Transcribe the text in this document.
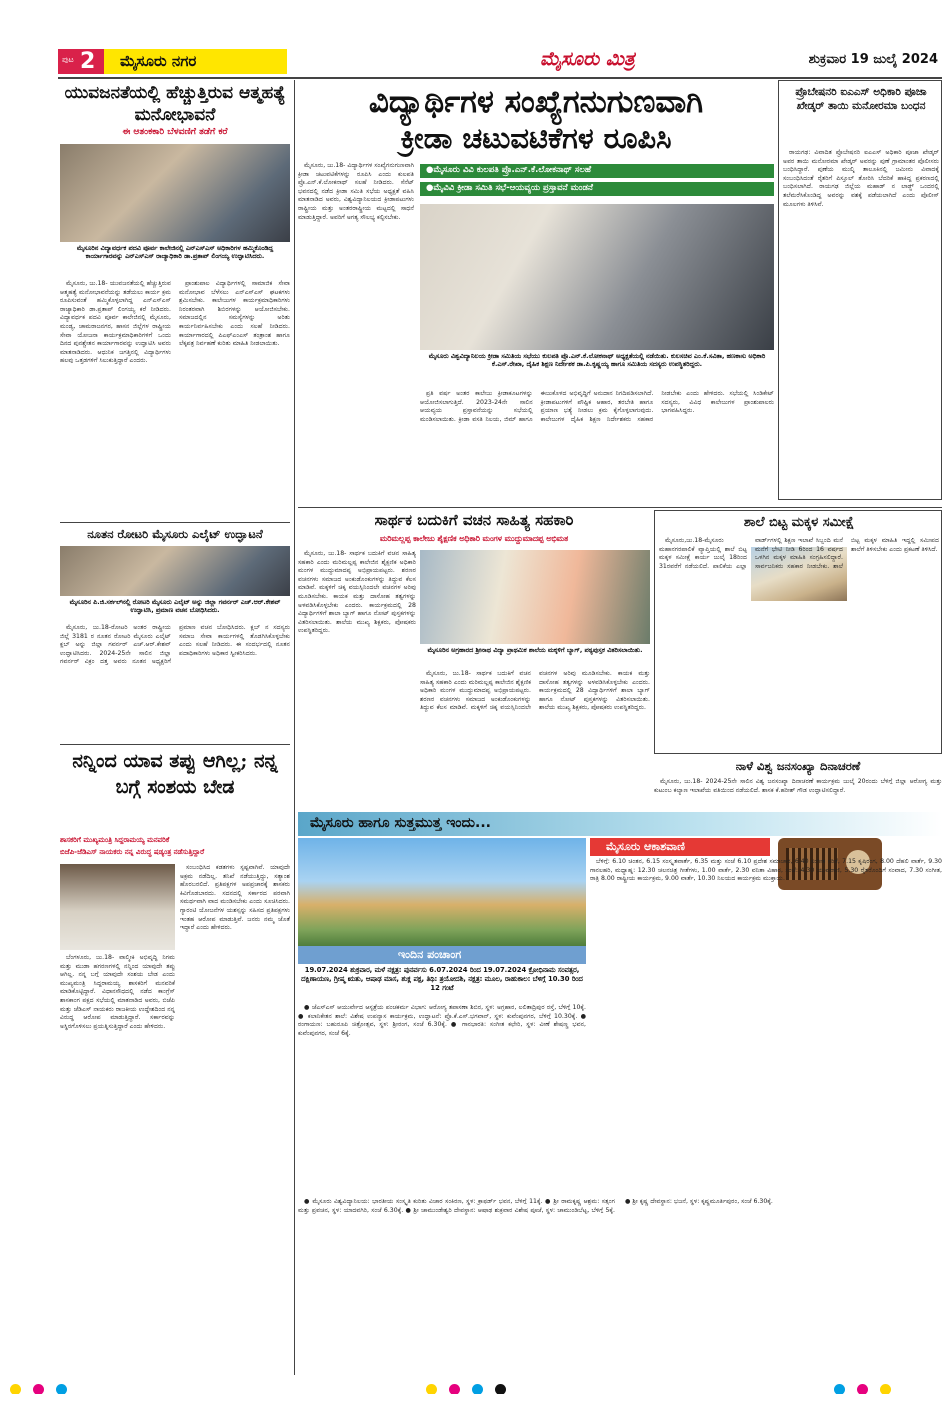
ಪುಟ 2 ಮೈಸೂರು ನಗರ	ಮೈಸೂರು ಮಿತ್ರ	ಶುಕ್ರವಾರ 19 ಜುಲೈ 2024
ಯುವಜನತೆಯಲ್ಲಿ ಹೆಚ್ಚುತ್ತಿರುವ ಆತ್ಮಹತ್ಯೆ ಮನೋಭಾವನೆ
ಈ ಆತಂಕಕಾರಿ ಬೆಳವಣಿಗೆ ತಡೆಗೆ ಕರೆ
ಮೈಸೂರಿನ ವಿದ್ಯಾವರ್ಧಕ ಪದವಿ ಪೂರ್ವ ಕಾಲೇಜಿನಲ್ಲಿ ಎನ್‍ಎಸ್‍ಎಸ್ ಅಧಿಕಾರಿಗಳ ಹಮ್ಮಿಕೊಂಡಿದ್ದ ಕಾರ್ಯಾಗಾರವನ್ನು ಎನ್‍ಎಸ್‍ಎಸ್ ರಾಜ್ಯಾಧಿಕಾರಿ ಡಾ.ಪ್ರತಾಪ್ ಲಿಂಗಯ್ಯ ಉದ್ಘಾಟಿಸಿದರು.

ಮೈಸೂರು, ಜು.18- ಯುವಜನತೆಯಲ್ಲಿ ಹೆಚ್ಚುತ್ತಿರುವ ಆತ್ಮಹತ್ಯೆ ಮನೋಭಾವನೆಯನ್ನು ತಡೆಯಲು ಕಾರ್ಯ ಕ್ರಮ ರೂಪಿಸುವಂತೆ ಹಮ್ಮಿಕೊಳ್ಳಲಾಗಿದ್ದ ಎನ್‍ಎಸ್‍ಎಸ್ ರಾಜ್ಯಾಧಿಕಾರಿ ಡಾ.ಪ್ರತಾಪ್ ಲಿಂಗಯ್ಯ ಕರೆ ನೀಡಿದರು. ವಿದ್ಯಾವರ್ಧಕ ಪದವಿ ಪೂರ್ವ ಕಾಲೇಜಿನಲ್ಲಿ ಮೈಸೂರು, ಮಂಡ್ಯ, ಚಾಮರಾಜನಗರ, ಹಾಸನ ಜಿಲ್ಲೆಗಳ ರಾಷ್ಟ್ರೀಯ ಸೇವಾ ಯೋಜನಾ ಕಾರ್ಯಕ್ರಮಾಧಿಕಾರಿಗಳಿಗೆ ಒಂದು ದಿನದ ಪುನಶ್ಚೇತನ ಕಾರ್ಯಾಗಾರವನ್ನು ಉದ್ಘಾಟಿಸಿ ಅವರು ಮಾತನಾಡಿದರು. ಆಧುನಿಕ ಜಗತ್ತಿನಲ್ಲಿ ವಿದ್ಯಾರ್ಥಿಗಳು ಹಲವು ಒತ್ತಡಗಳಿಗೆ ಸಿಲುಕುತ್ತಿದ್ದಾರೆ ಎಂದರು.

ಪ್ರಾಂಶುಪಾಲ ವಿದ್ಯಾರ್ಥಿಗಳಲ್ಲಿ ಸಾಮಾಜಿಕ ಸೇವಾ ಮನೋಭಾವ ಬೆಳೆಸಲು ಎನ್‍ಎಸ್‍ಎಸ್ ಘಟಕಗಳು ಶ್ರಮಿಸಬೇಕು. ಕಾಲೇಜುಗಳ ಕಾರ್ಯಕ್ರಮಾಧಿಕಾರಿಗಳು ನಿರಂತರವಾಗಿ ಶಿಬಿರಗಳನ್ನು ಆಯೋಜಿಸಬೇಕು. ಸಮಾಜದಲ್ಲಿನ ಸಮಸ್ಯೆಗಳನ್ನು ಅರಿತು ಕಾರ್ಯನಿರ್ವಹಿಸಬೇಕು ಎಂದು ಸಲಹೆ ನೀಡಿದರು. ಕಾರ್ಯಾಗಾರದಲ್ಲಿ ಪಿಎಫ್‍ಎಂಎಸ್ ತಂತ್ರಾಂಶ ಹಾಗೂ ಲೆಕ್ಕಪತ್ರ ನಿರ್ವಹಣೆ ಕುರಿತು ಮಾಹಿತಿ ನೀಡಲಾಯಿತು.

ನೂತನ ರೋಟರಿ ಮೈಸೂರು ಎಲೈಟ್ ಉದ್ಘಾಟನೆ
ಮೈಸೂರಿನ ಪಿ.ಜಿ.ಸರ್ಕಲ್‍ನಲ್ಲಿ ರೋಟರಿ ಮೈಸೂರು ಎಲೈಟ್ ಅನ್ನು ಜಿಲ್ಲಾ ಗವರ್ನರ್ ಎಚ್.ಆರ್.ಕೇಶವ್ ಉದ್ಘಾಟಿಸಿ, ಪ್ರಮಾಣ ವಚನ ಬೋಧಿಸಿದರು.

ಮೈಸೂರು, ಜು.18-ರೋಟರಿ ಅಂತರ ರಾಷ್ಟ್ರೀಯ ಜಿಲ್ಲೆ 3181 ರ ನೂತನ ರೋಟರಿ ಮೈಸೂರು ಎಲೈಟ್ ಕ್ಲಬ್ ಅನ್ನು ಜಿಲ್ಲಾ ಗವರ್ನರ್ ಎಚ್.ಆರ್.ಕೇಶವ್ ಉದ್ಘಾಟಿಸಿದರು. 2024-25ನೇ ಸಾಲಿನ ಜಿಲ್ಲಾ ಗವರ್ನರ್ ವಿಕ್ರಂ ದತ್ತ ಅವರು ನೂತನ ಅಧ್ಯಕ್ಷರಿಗೆ ಪ್ರಮಾಣ ವಚನ ಬೋಧಿಸಿದರು. ಕ್ಲಬ್ ನ ಸದಸ್ಯರು ಸಮಾಜ ಸೇವಾ ಕಾರ್ಯಗಳಲ್ಲಿ ತೊಡಗಿಸಿಕೊಳ್ಳಬೇಕು ಎಂದು ಸಲಹೆ ನೀಡಿದರು. ಈ ಸಂದರ್ಭದಲ್ಲಿ ನೂತನ ಪದಾಧಿಕಾರಿಗಳು ಅಧಿಕಾರ ಸ್ವೀಕರಿಸಿದರು.

ನನ್ನಿಂದ ಯಾವ ತಪ್ಪು ಆಗಿಲ್ಲ; ನನ್ನ ಬಗ್ಗೆ ಸಂಶಯ ಬೇಡ
ಶಾಸಕರಿಗೆ ಮುಖ್ಯಮಂತ್ರಿ ಸಿದ್ದರಾಮಯ್ಯ ಮನವರಿಕೆ
ಬಿಜೆಪಿ-ಜೆಡಿಎಸ್ ನಾಯಕರು ನನ್ನ ವಿರುದ್ಧ ಷಡ್ಯಂತ್ರ ನಡೆಸುತ್ತಿದ್ದಾರೆ

ಸಂಬಂಧಿಸಿದ ಕಡತಗಳು ಸ್ಪಷ್ಟವಾಗಿವೆ. ಯಾವುದೇ ಅಕ್ರಮ ನಡೆದಿಲ್ಲ. ತನಿಖೆ ನಡೆಯುತ್ತಿದ್ದು, ಸತ್ಯಾಂಶ ಹೊರಬರಲಿದೆ. ಪ್ರತಿಪಕ್ಷಗಳ ಅಪಪ್ರಚಾರಕ್ಕೆ ಶಾಸಕರು ಕಿವಿಗೊಡಬಾರದು. ಸದನದಲ್ಲಿ ಸರ್ಕಾರದ ಪರವಾಗಿ ಸಮರ್ಥವಾಗಿ ವಾದ ಮಂಡಿಸಬೇಕು ಎಂದು ಸೂಚಿಸಿದರು. ಗ್ಯಾರಂಟಿ ಯೋಜನೆಗಳ ಯಶಸ್ಸನ್ನು ಸಹಿಸದ ಪ್ರತಿಪಕ್ಷಗಳು ಇಂತಹ ಆರೋಪ ಮಾಡುತ್ತಿವೆ. ಜನರು ನಮ್ಮ ಜೊತೆ ಇದ್ದಾರೆ ಎಂದು ಹೇಳಿದರು.

ಬೆಂಗಳೂರು, ಜು.18- ವಾಲ್ಮೀಕಿ ಅಭಿವೃದ್ಧಿ ನಿಗಮ ಮತ್ತು ಮುಡಾ ಹಗರಣಗಳಲ್ಲಿ ನನ್ನಿಂದ ಯಾವುದೇ ತಪ್ಪು ಆಗಿಲ್ಲ. ನನ್ನ ಬಗ್ಗೆ ಯಾವುದೇ ಸಂಶಯ ಬೇಡ ಎಂದು ಮುಖ್ಯಮಂತ್ರಿ ಸಿದ್ದರಾಮಯ್ಯ ಶಾಸಕರಿಗೆ ಮನವರಿಕೆ ಮಾಡಿಕೊಟ್ಟಿದ್ದಾರೆ. ವಿಧಾನಸೌಧದಲ್ಲಿ ನಡೆದ ಕಾಂಗ್ರೆಸ್ ಶಾಸಕಾಂಗ ಪಕ್ಷದ ಸಭೆಯಲ್ಲಿ ಮಾತನಾಡಿದ ಅವರು, ಬಿಜೆಪಿ ಮತ್ತು ಜೆಡಿಎಸ್ ನಾಯಕರು ರಾಜಕೀಯ ಉದ್ದೇಶದಿಂದ ನನ್ನ ವಿರುದ್ಧ ಆರೋಪ ಮಾಡುತ್ತಿದ್ದಾರೆ. ಸರ್ಕಾರವನ್ನು ಅಸ್ಥಿರಗೊಳಿಸಲು ಪ್ರಯತ್ನಿಸುತ್ತಿದ್ದಾರೆ ಎಂದು ಹೇಳಿದರು.

ವಿದ್ಯಾರ್ಥಿಗಳ ಸಂಖ್ಯೆಗನುಗುಣವಾಗಿ
ಕ್ರೀಡಾ ಚಟುವಟಿಕೆಗಳ ರೂಪಿಸಿ

ಮೈಸೂರು, ಜು.18- ವಿದ್ಯಾರ್ಥಿಗಳ ಸಂಖ್ಯೆಗನುಗುಣವಾಗಿ ಕ್ರೀಡಾ ಚಟುವಟಿಕೆಗಳನ್ನು ರೂಪಿಸಿ ಎಂದು ಕುಲಪತಿ ಪ್ರೊ.ಎನ್.ಕೆ.ಲೋಕನಾಥ್ ಸಲಹೆ ನೀಡಿದರು. ಸೆನೆಟ್ ಭವನದಲ್ಲಿ ನಡೆದ ಕ್ರೀಡಾ ಸಮಿತಿ ಸಭೆಯ ಅಧ್ಯಕ್ಷತೆ ವಹಿಸಿ ಮಾತನಾಡಿದ ಅವರು, ವಿಶ್ವವಿದ್ಯಾನಿಲಯದ ಕ್ರೀಡಾಪಟುಗಳು ರಾಷ್ಟ್ರೀಯ ಮತ್ತು ಅಂತರರಾಷ್ಟ್ರೀಯ ಮಟ್ಟದಲ್ಲಿ ಸಾಧನೆ ಮಾಡುತ್ತಿದ್ದಾರೆ. ಅವರಿಗೆ ಅಗತ್ಯ ಸೌಲಭ್ಯ ಕಲ್ಪಿಸಬೇಕು.

●ಮೈಸೂರು ವಿವಿ ಕುಲಪತಿ ಪ್ರೊ.ಎನ್.ಕೆ.ಲೋಕನಾಥ್ ಸಲಹೆ
●ಮೈವಿವಿ ಕ್ರೀಡಾ ಸಮಿತಿ ಸಭೆ-ಆಯವ್ಯಯ ಪ್ರಸ್ತಾವನೆ ಮಂಡನೆ
ಮೈಸೂರು ವಿಶ್ವವಿದ್ಯಾನಿಲಯ ಕ್ರೀಡಾ ಸಮಿತಿಯ ಸಭೆಯು ಕುಲಪತಿ ಪ್ರೊ.ಎನ್.ಕೆ.ಲೋಕನಾಥ್ ಅಧ್ಯಕ್ಷತೆಯಲ್ಲಿ ನಡೆಯಿತು. ಕುಲಸಚಿವ ಎಂ.ಕೆ.ಸವಿತಾ, ಹಣಕಾಸು ಅಧಿಕಾರಿ ಕೆ.ಎಸ್.ರೇಖಾ, ದೈಹಿಕ ಶಿಕ್ಷಣ ನಿರ್ದೇಶಕ ಡಾ.ಪಿ.ಕೃಷ್ಣಯ್ಯ ಹಾಗೂ ಸಮಿತಿಯ ಸದಸ್ಯರು ಉಪಸ್ಥಿತರಿದ್ದರು.

ಪ್ರತಿ ವರ್ಷ ಅಂತರ ಕಾಲೇಜು ಕ್ರೀಡಾಕೂಟಗಳನ್ನು ಆಯೋಜಿಸಲಾಗುತ್ತಿದೆ. 2023-24ನೇ ಸಾಲಿನ ಆಯವ್ಯಯ ಪ್ರಸ್ತಾವನೆಯನ್ನು ಸಭೆಯಲ್ಲಿ ಮಂಡಿಸಲಾಯಿತು. ಕ್ರೀಡಾ ವಸತಿ ನಿಲಯ, ಜಿಮ್ ಹಾಗೂ ಈಜುಕೊಳದ ಅಭಿವೃದ್ಧಿಗೆ ಅನುದಾನ ನಿಗದಿಪಡಿಸಲಾಗಿದೆ. ಕ್ರೀಡಾಪಟುಗಳಿಗೆ ಪೌಷ್ಟಿಕ ಆಹಾರ, ತರಬೇತಿ ಹಾಗೂ ಪ್ರಯಾಣ ಭತ್ಯೆ ನೀಡಲು ಕ್ರಮ ಕೈಗೊಳ್ಳಲಾಗುವುದು. ಕಾಲೇಜುಗಳ ದೈಹಿಕ ಶಿಕ್ಷಣ ನಿರ್ದೇಶಕರು ಸಹಕಾರ ನೀಡಬೇಕು ಎಂದು ಹೇಳಿದರು. ಸಭೆಯಲ್ಲಿ ಸಿಂಡಿಕೇಟ್ ಸದಸ್ಯರು, ವಿವಿಧ ಕಾಲೇಜುಗಳ ಪ್ರಾಂಶುಪಾಲರು ಭಾಗವಹಿಸಿದ್ದರು.

ಪ್ರೊಬೇಷನರಿ ಐಎಎಸ್ ಅಧಿಕಾರಿ ಪೂಜಾ ಖೇಡ್ಕರ್ ತಾಯಿ ಮನೋರಮಾ ಬಂಧನ

ರಾಯಗಢ: ವಿವಾದಿತ ಪ್ರೊಬೇಷನರಿ ಐಎಎಸ್ ಅಧಿಕಾರಿ ಪೂಜಾ ಖೇಡ್ಕರ್ ಅವರ ತಾಯಿ ಮನೋರಮಾ ಖೇಡ್ಕರ್ ಅವರನ್ನು ಪುಣೆ ಗ್ರಾಮಾಂತರ ಪೊಲೀಸರು ಬಂಧಿಸಿದ್ದಾರೆ. ಪುಣೆಯ ಮುಲ್ಶಿ ತಾಲೂಕಿನಲ್ಲಿ ಜಮೀನು ವಿವಾದಕ್ಕೆ ಸಂಬಂಧಿಸಿದಂತೆ ರೈತರಿಗೆ ಪಿಸ್ತೂಲ್ ತೋರಿಸಿ ಬೆದರಿಕೆ ಹಾಕಿದ್ದ ಪ್ರಕರಣದಲ್ಲಿ ಬಂಧಿಸಲಾಗಿದೆ. ರಾಯಗಢ ಜಿಲ್ಲೆಯ ಮಹಾಡ್ ನ ಲಾಡ್ಜ್ ಒಂದರಲ್ಲಿ ತಲೆಮರೆಸಿಕೊಂಡಿದ್ದ ಅವರನ್ನು ವಶಕ್ಕೆ ಪಡೆಯಲಾಗಿದೆ ಎಂದು ಪೊಲೀಸ್ ಮೂಲಗಳು ತಿಳಿಸಿವೆ.

ಸಾರ್ಥಕ ಬದುಕಿಗೆ ವಚನ ಸಾಹಿತ್ಯ ಸಹಕಾರಿ
ಮರಿಮಲ್ಲಪ್ಪ ಕಾಲೇಜು ಶೈಕ್ಷಣಿಕ ಅಧಿಕಾರಿ ಮಂಗಳ ಮುದ್ದುಮಾದಪ್ಪ ಅಭಿಮತ

ಮೈಸೂರು, ಜು.18- ಸಾರ್ಥಕ ಬದುಕಿಗೆ ವಚನ ಸಾಹಿತ್ಯ ಸಹಕಾರಿ ಎಂದು ಮರಿಮಲ್ಲಪ್ಪ ಕಾಲೇಜಿನ ಶೈಕ್ಷಣಿಕ ಅಧಿಕಾರಿ ಮಂಗಳ ಮುದ್ದುಮಾದಪ್ಪ ಅಭಿಪ್ರಾಯಪಟ್ಟರು. ಶರಣರ ವಚನಗಳು ಸಮಾಜದ ಅಂಕುಡೊಂಕುಗಳನ್ನು ತಿದ್ದುವ ಕೆಲಸ ಮಾಡಿವೆ. ಮಕ್ಕಳಿಗೆ ಚಿಕ್ಕ ವಯಸ್ಸಿನಿಂದಲೇ ವಚನಗಳ ಅರಿವು ಮೂಡಿಸಬೇಕು. ಕಾಯಕ ಮತ್ತು ದಾಸೋಹ ತತ್ವಗಳನ್ನು ಅಳವಡಿಸಿಕೊಳ್ಳಬೇಕು ಎಂದರು. ಕಾರ್ಯಕ್ರಮದಲ್ಲಿ 28 ವಿದ್ಯಾರ್ಥಿಗಳಿಗೆ ಶಾಲಾ ಬ್ಯಾಗ್ ಹಾಗೂ ನೋಟ್ ಪುಸ್ತಕಗಳನ್ನು ವಿತರಿಸಲಾಯಿತು. ಶಾಲೆಯ ಮುಖ್ಯ ಶಿಕ್ಷಕರು, ಪೋಷಕರು ಉಪಸ್ಥಿತರಿದ್ದರು.

ಮೈಸೂರಿನ ಅಗ್ರಹಾರದ ಶ್ರೀನಾಥ ವಿದ್ಯಾ ಪ್ರಾಥಮಿಕ ಶಾಲೆಯ ಮಕ್ಕಳಿಗೆ ಬ್ಯಾಗ್, ಪಠ್ಯಪುಸ್ತಕ ವಿತರಿಸಲಾಯಿತು.

ಮೈಸೂರು, ಜು.18- ಸಾರ್ಥಕ ಬದುಕಿಗೆ ವಚನ ಸಾಹಿತ್ಯ ಸಹಕಾರಿ ಎಂದು ಮರಿಮಲ್ಲಪ್ಪ ಕಾಲೇಜಿನ ಶೈಕ್ಷಣಿಕ ಅಧಿಕಾರಿ ಮಂಗಳ ಮುದ್ದುಮಾದಪ್ಪ ಅಭಿಪ್ರಾಯಪಟ್ಟರು. ಶರಣರ ವಚನಗಳು ಸಮಾಜದ ಅಂಕುಡೊಂಕುಗಳನ್ನು ತಿದ್ದುವ ಕೆಲಸ ಮಾಡಿವೆ. ಮಕ್ಕಳಿಗೆ ಚಿಕ್ಕ ವಯಸ್ಸಿನಿಂದಲೇ ವಚನಗಳ ಅರಿವು ಮೂಡಿಸಬೇಕು. ಕಾಯಕ ಮತ್ತು ದಾಸೋಹ ತತ್ವಗಳನ್ನು ಅಳವಡಿಸಿಕೊಳ್ಳಬೇಕು ಎಂದರು. ಕಾರ್ಯಕ್ರಮದಲ್ಲಿ 28 ವಿದ್ಯಾರ್ಥಿಗಳಿಗೆ ಶಾಲಾ ಬ್ಯಾಗ್ ಹಾಗೂ ನೋಟ್ ಪುಸ್ತಕಗಳನ್ನು ವಿತರಿಸಲಾಯಿತು. ಶಾಲೆಯ ಮುಖ್ಯ ಶಿಕ್ಷಕರು, ಪೋಷಕರು ಉಪಸ್ಥಿತರಿದ್ದರು.

ಶಾಲೆ ಬಿಟ್ಟ ಮಕ್ಕಳ ಸಮೀಕ್ಷೆ

ಮೈಸೂರು,ಜು.18-ಮೈಸೂರು ಮಹಾನಗರಪಾಲಿಕೆ ವ್ಯಾಪ್ತಿಯಲ್ಲಿ ಶಾಲೆ ಬಿಟ್ಟ ಮಕ್ಕಳ ಸಮೀಕ್ಷೆ ಕಾರ್ಯ ಜುಲೈ 18ರಿಂದ 31ರವರೆಗೆ ನಡೆಯಲಿದೆ. ಪಾಲಿಕೆಯ ಎಲ್ಲಾ ವಾರ್ಡ್‍ಗಳಲ್ಲಿ ಶಿಕ್ಷಣ ಇಲಾಖೆ ಸಿಬ್ಬಂದಿ ಮನೆ ಮನೆಗೆ ಭೇಟಿ ನೀಡಿ 6ರಿಂದ 16 ವರ್ಷದ ಒಳಗಿನ ಮಕ್ಕಳ ಮಾಹಿತಿ ಸಂಗ್ರಹಿಸಲಿದ್ದಾರೆ. ಸಾರ್ವಜನಿಕರು ಸಹಕಾರ ನೀಡಬೇಕು. ಶಾಲೆ ಬಿಟ್ಟ ಮಕ್ಕಳ ಮಾಹಿತಿ ಇದ್ದಲ್ಲಿ ಸಮೀಪದ ಶಾಲೆಗೆ ತಿಳಿಸಬೇಕು ಎಂದು ಪ್ರಕಟಣೆ ತಿಳಿಸಿದೆ.

ನಾಳೆ ವಿಶ್ವ ಜನಸಂಖ್ಯಾ ದಿನಾಚರಣೆ

ಮೈಸೂರು, ಜು.18- 2024-25ನೇ ಸಾಲಿನ ವಿಶ್ವ ಜನಸಂಖ್ಯಾ ದಿನಾಚರಣೆ ಕಾರ್ಯಕ್ರಮ ಜುಲೈ 20ರಂದು ಬೆಳಿಗ್ಗೆ ಜಿಲ್ಲಾ ಆರೋಗ್ಯ ಮತ್ತು ಕುಟುಂಬ ಕಲ್ಯಾಣ ಇಲಾಖೆಯ ವತಿಯಿಂದ ನಡೆಯಲಿದೆ. ಶಾಸಕ ಕೆ.ಹರೀಶ್ ಗೌಡ ಉದ್ಘಾಟಿಸಲಿದ್ದಾರೆ.

ಮೈಸೂರು ಹಾಗೂ ಸುತ್ತಮುತ್ತ ಇಂದು...
ಇಂದಿನ ಪಂಚಾಂಗ
19.07.2024 ಶುಕ್ರವಾರ, ಮಳೆ ನಕ್ಷತ್ರ: ಪುನರ್ವಸು 6.07.2024 ರಿಂದ 19.07.2024 ಕ್ರೋಧಿನಾಮ ಸಂವತ್ಸರ, ದಕ್ಷಿಣಾಯಣ, ಗ್ರೀಷ್ಮ ಋತು, ಆಷಾಢ ಮಾಸ, ಶುಕ್ಲ ಪಕ್ಷ, ತಿಥಿ: ತ್ರಯೋದಶಿ, ನಕ್ಷತ್ರ: ಮೂಲ, ರಾಹುಕಾಲ: ಬೆಳಿಗ್ಗೆ 10.30 ರಿಂದ 12 ಗಂಟೆ

● ಜೆಎಸ್‍ಎಸ್ ಆಯುರ್ವೇದ ಆಸ್ಪತ್ರೆಯ ಪಂಚಕರ್ಮ ವಿಭಾಗ: ಆರೋಗ್ಯ ತಪಾಸಣಾ ಶಿಬಿರ, ಸ್ಥಳ: ಅಗ್ರಹಾರ, ಲಲಿತಾದ್ರಿಪುರ ರಸ್ತೆ, ಬೆಳಿಗ್ಗೆ 10ಕ್ಕೆ. ● ಕಲಾನಿಕೇತನ ಶಾಲೆ: ವಿಶೇಷ ಉಪನ್ಯಾಸ ಕಾರ್ಯಕ್ರಮ, ಉದ್ಘಾಟನೆ: ಪ್ರೊ.ಕೆ.ಎಸ್.ಭಗವಾನ್, ಸ್ಥಳ: ಕುವೆಂಪುನಗರ, ಬೆಳಿಗ್ಗೆ 10.30ಕ್ಕೆ. ● ರಂಗಾಯಣ: ಬಹುರೂಪಿ ಚಿತ್ರೋತ್ಸವ, ಸ್ಥಳ: ಶ್ರೀರಂಗ, ಸಂಜೆ 6.30ಕ್ಕೆ. ● ಗಾನಭಾರತಿ: ಸಂಗೀತ ಕಛೇರಿ, ಸ್ಥಳ: ವೀಣೆ ಶೇಷಣ್ಣ ಭವನ, ಕುವೆಂಪುನಗರ, ಸಂಜೆ 6ಕ್ಕೆ.

● ಮೈಸೂರು ವಿಶ್ವವಿದ್ಯಾನಿಲಯ: ಭಾರತೀಯ ಸಂಸ್ಕೃತಿ ಕುರಿತು ವಿಚಾರ ಸಂಕಿರಣ, ಸ್ಥಳ: ಕ್ರಾಫರ್ಡ್ ಭವನ, ಬೆಳಿಗ್ಗೆ 11ಕ್ಕೆ. ● ಶ್ರೀ ರಾಮಕೃಷ್ಣ ಆಶ್ರಮ: ಸತ್ಸಂಗ ಮತ್ತು ಪ್ರವಚನ, ಸ್ಥಳ: ಯಾದವಗಿರಿ, ಸಂಜೆ 6.30ಕ್ಕೆ. ● ಶ್ರೀ ಚಾಮುಂಡೇಶ್ವರಿ ದೇವಸ್ಥಾನ: ಆಷಾಢ ಶುಕ್ರವಾರ ವಿಶೇಷ ಪೂಜೆ, ಸ್ಥಳ: ಚಾಮುಂಡಿಬೆಟ್ಟ, ಬೆಳಿಗ್ಗೆ 5ಕ್ಕೆ. ● ಶ್ರೀ ಕೃಷ್ಣ ದೇವಸ್ಥಾನ: ಭಜನೆ, ಸ್ಥಳ: ಕೃಷ್ಣಮೂರ್ತಿಪುರಂ, ಸಂಜೆ 6.30ಕ್ಕೆ.

ಮೈಸೂರು ಆಕಾಶವಾಣಿ

ಬೆಳಿಗ್ಗೆ: 6.10 ಚಿಂತನ, 6.15 ಸಂಸ್ಕೃತವಾರ್ತೆ, 6.35 ಮತ್ತು ಸಂಜೆ 6.10 ಪ್ರದೇಶ ಸಮಾಚಾರ, 6.40 ಸಂಗೀತ ಸರಿತೆ, 7.15 ಕೃಷಿರಂಗ, 8.00 ದೆಹಲಿ ವಾರ್ತೆ, 9.30 ಗಾನಲಹರಿ, ಮಧ್ಯಾಹ್ನ: 12.30 ಚಲನಚಿತ್ರ ಗೀತೆಗಳು, 1.00 ವಾರ್ತೆ, 2.30 ವನಿತಾ ವಿಹಾರ, ಸಂಜೆ: 4.30 ಯುವವಾಣಿ, 5.30 ರೈತರೊಂದಿಗೆ ಸಂವಾದ, 7.30 ಸಂಗೀತ, ರಾತ್ರಿ 8.00 ರಾಷ್ಟ್ರೀಯ ಕಾರ್ಯಕ್ರಮ, 9.00 ವಾರ್ತೆ, 10.30 ನಿಲಯದ ಕಾರ್ಯಕ್ರಮ ಮುಕ್ತಾಯ.
